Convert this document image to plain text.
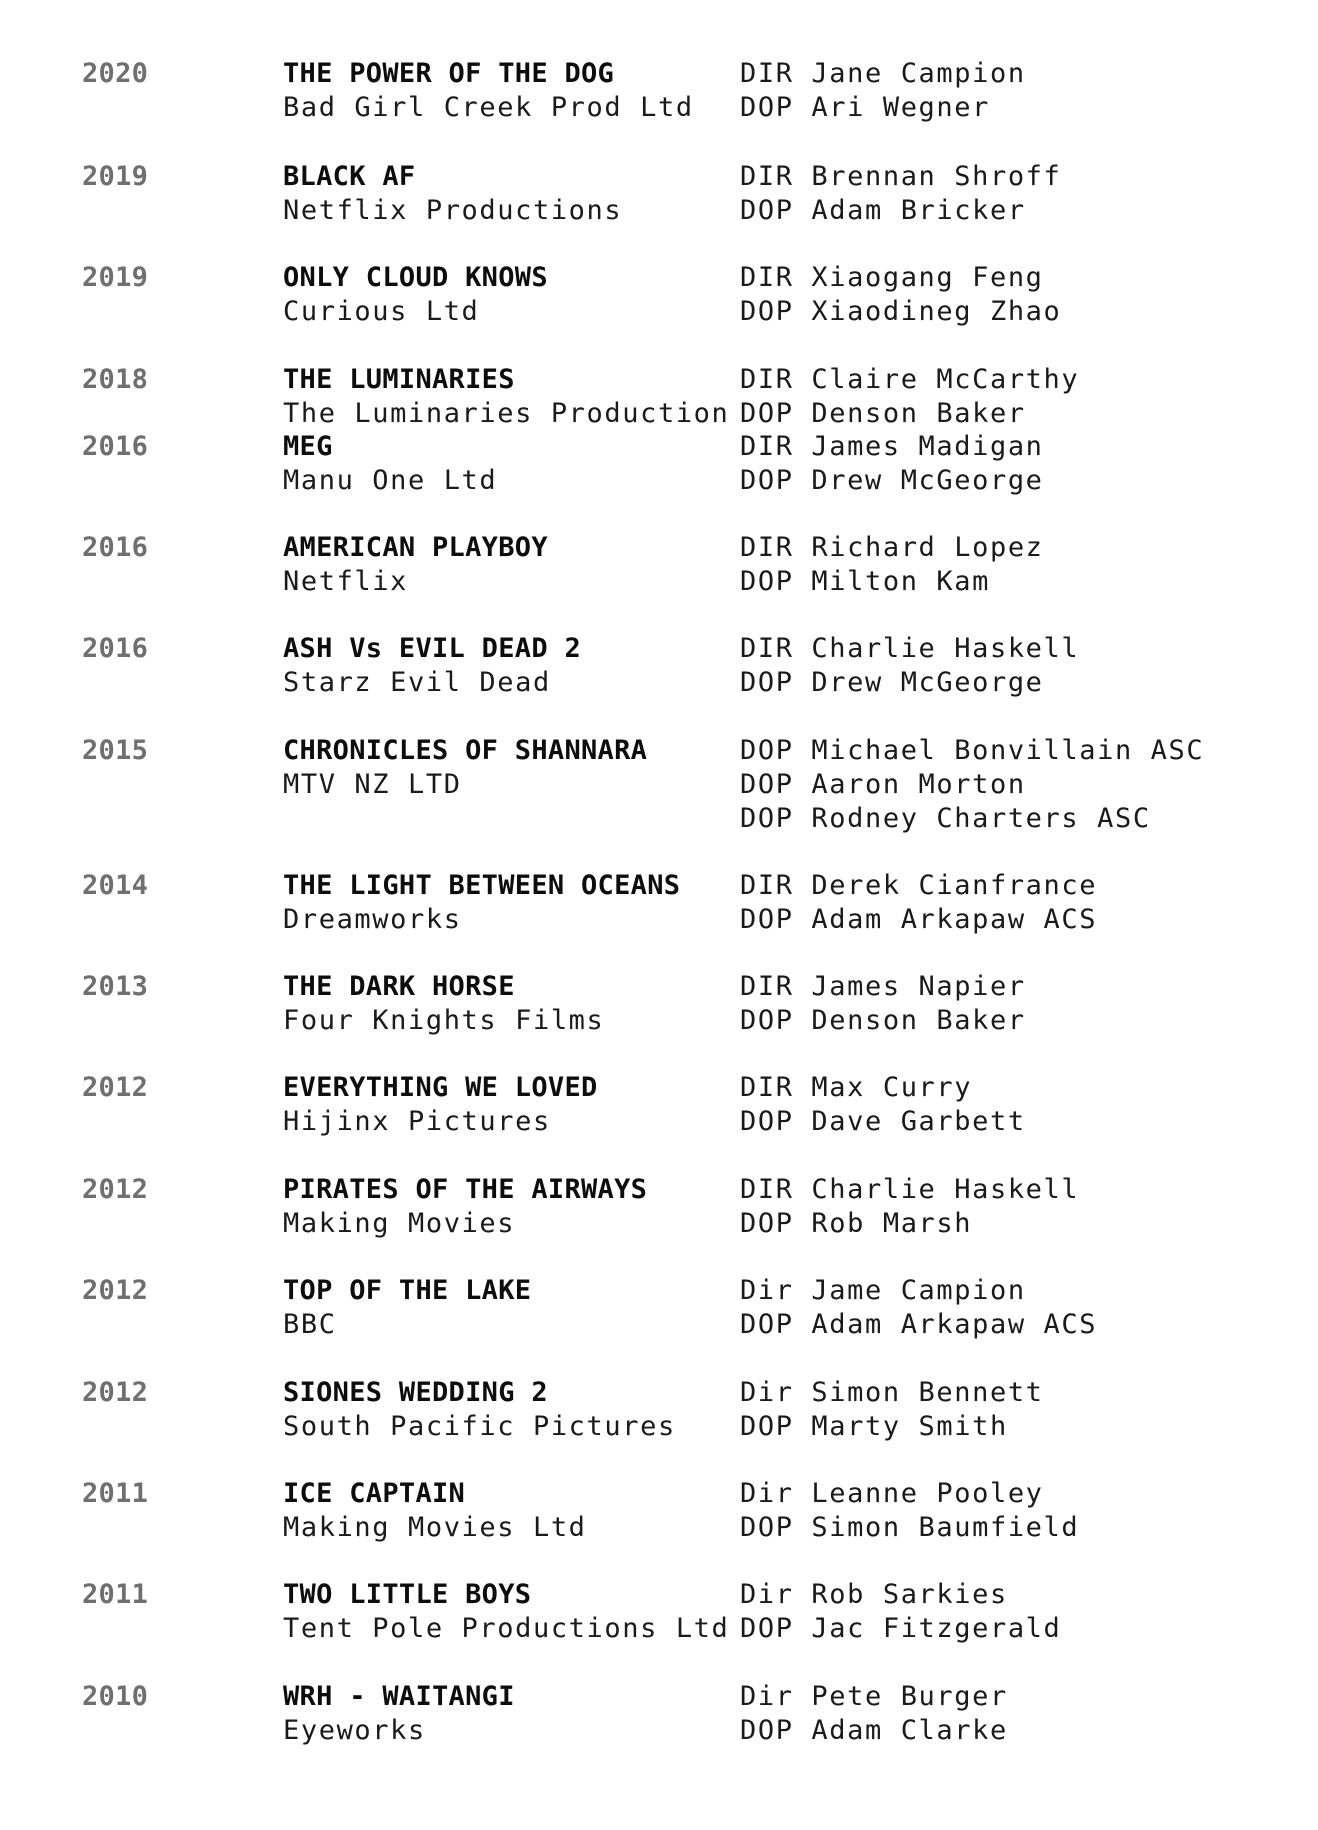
2020	THE POWER OF THE DOG
Bad Girl Creek Prod Ltd
DIR Jane Campion
DOP Ari Wegner
2019	BLACK AF
Netflix Productions
DIR Brennan Shroff
DOP Adam Bricker
2019	ONLY CLOUD KNOWS
Curious Ltd
DIR Xiaogang Feng
DOP Xiaodineg Zhao
2018	THE LUMINARIES
The Luminaries Production
DIR Claire McCarthy
DOP Denson Baker
2016	MEG
Manu One Ltd
DIR James Madigan
DOP Drew McGeorge
2016	AMERICAN PLAYBOY
Netflix
DIR Richard Lopez
DOP Milton Kam
2016	ASH Vs EVIL DEAD 2
Starz Evil Dead
DIR Charlie Haskell
DOP Drew McGeorge
2015	CHRONICLES OF SHANNARA
MTV NZ LTD
DOP Michael Bonvillain ASC
DOP Aaron Morton
DOP Rodney Charters ASC
2014	THE LIGHT BETWEEN OCEANS
Dreamworks
DIR Derek Cianfrance
DOP Adam Arkapaw ACS
2013	THE DARK HORSE
Four Knights Films
DIR James Napier
DOP Denson Baker
2012	EVERYTHING WE LOVED
Hijinx Pictures
DIR Max Curry
DOP Dave Garbett
2012	PIRATES OF THE AIRWAYS
Making Movies
DIR Charlie Haskell
DOP Rob Marsh
2012	TOP OF THE LAKE
BBC
Dir Jame Campion
DOP Adam Arkapaw ACS
2012	SIONES WEDDING 2
South Pacific Pictures
Dir Simon Bennett
DOP Marty Smith
2011	ICE CAPTAIN
Making Movies Ltd
Dir Leanne Pooley
DOP Simon Baumfield
2011	TWO LITTLE BOYS
Tent Pole Productions Ltd
Dir Rob Sarkies
DOP Jac Fitzgerald
2010	WRH - WAITANGI
Eyeworks
Dir Pete Burger
DOP Adam Clarke
